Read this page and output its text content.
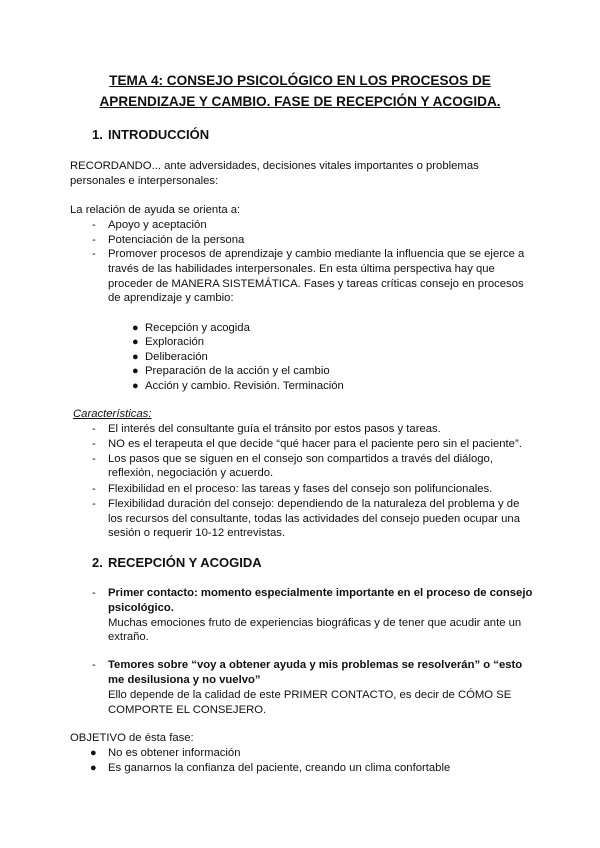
TEMA 4: CONSEJO PSICOLÓGICO EN LOS PROCESOS DE
APRENDIZAJE Y CAMBIO. FASE DE RECEPCIÓN Y ACOGIDA.
1. INTRODUCCIÓN
RECORDANDO... ante adversidades, decisiones vitales importantes o problemas
personales e interpersonales:
La relación de ayuda se orienta a:
- Apoyo y aceptación
- Potenciación de la persona
- Promover procesos de aprendizaje y cambio mediante la influencia que se ejerce a
través de las habilidades interpersonales. En esta última perspectiva hay que
proceder de MANERA SISTEMÁTICA. Fases y tareas críticas consejo en procesos
de aprendizaje y cambio:
● Recepción y acogida
● Exploración
● Deliberación
● Preparación de la acción y el cambio
● Acción y cambio. Revisión. Terminación
Características:
- El interés del consultante guía el tránsito por estos pasos y tareas.
- NO es el terapeuta el que decide “qué hacer para el paciente pero sin el paciente”.
- Los pasos que se siguen en el consejo son compartidos a través del diálogo,
reflexión, negociación y acuerdo.
- Flexibilidad en el proceso: las tareas y fases del consejo son polifuncionales.
- Flexibilidad duración del consejo: dependiendo de la naturaleza del problema y de
los recursos del consultante, todas las actividades del consejo pueden ocupar una
sesión o requerir 10-12 entrevistas.
2. RECEPCIÓN Y ACOGIDA
- Primer contacto: momento especialmente importante en el proceso de consejo
psicológico.
Muchas emociones fruto de experiencias biográficas y de tener que acudir ante un
extraño.
- Temores sobre “voy a obtener ayuda y mis problemas se resolverán” o “esto
me desilusiona y no vuelvo”
Ello depende de la calidad de este PRIMER CONTACTO, es decir de CÓMO SE
COMPORTE EL CONSEJERO.
OBJETIVO de ésta fase:
● No es obtener información
● Es ganarnos la confianza del paciente, creando un clima confortable
